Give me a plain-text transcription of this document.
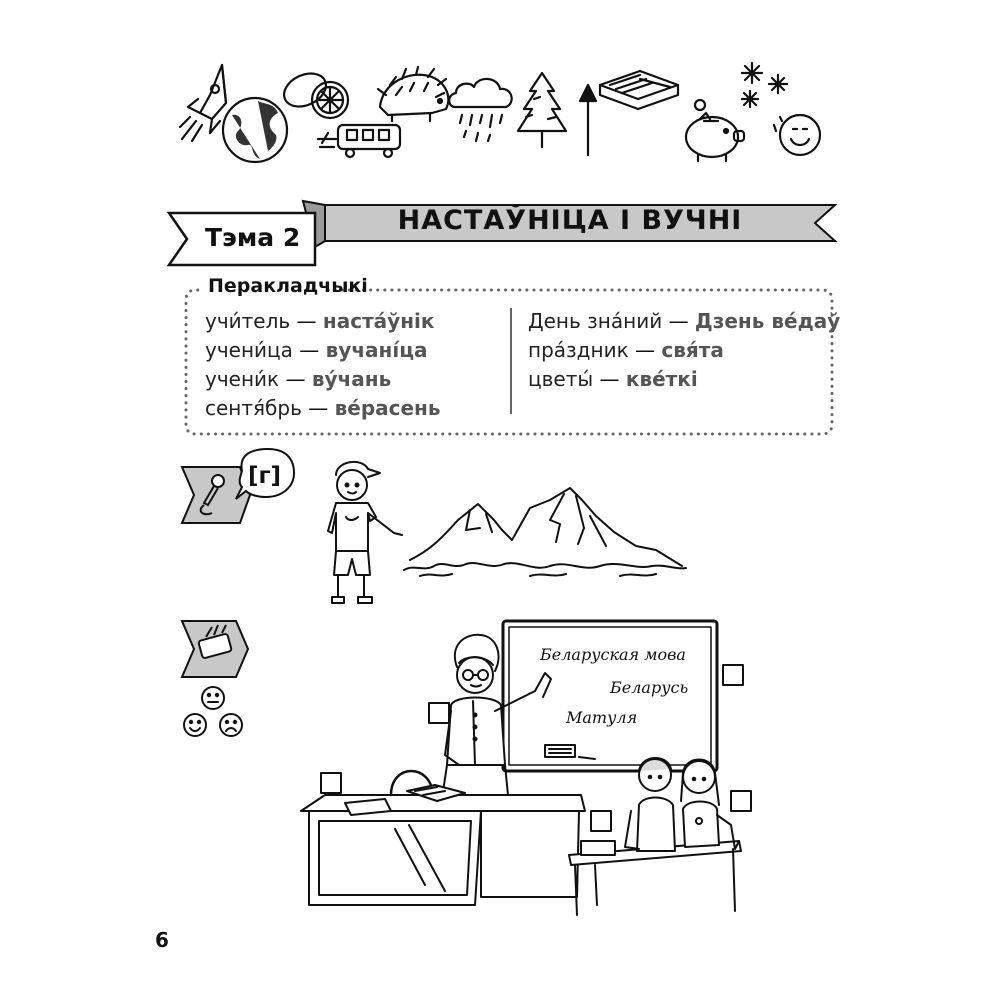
Тэма 2
НАСТАЎНІЦА І ВУЧНІ
Перакладчыкі
учи́тель — наста́ўнік
учени́ца — вучані́ца
учени́к — ву́чань
сентя́брь — ве́расень
День зна́ний — Дзень ве́даў
пра́здник — свя́та
цветы́ — кве́ткі
[г]
Беларуская мова
Беларусь
Матуля
6
